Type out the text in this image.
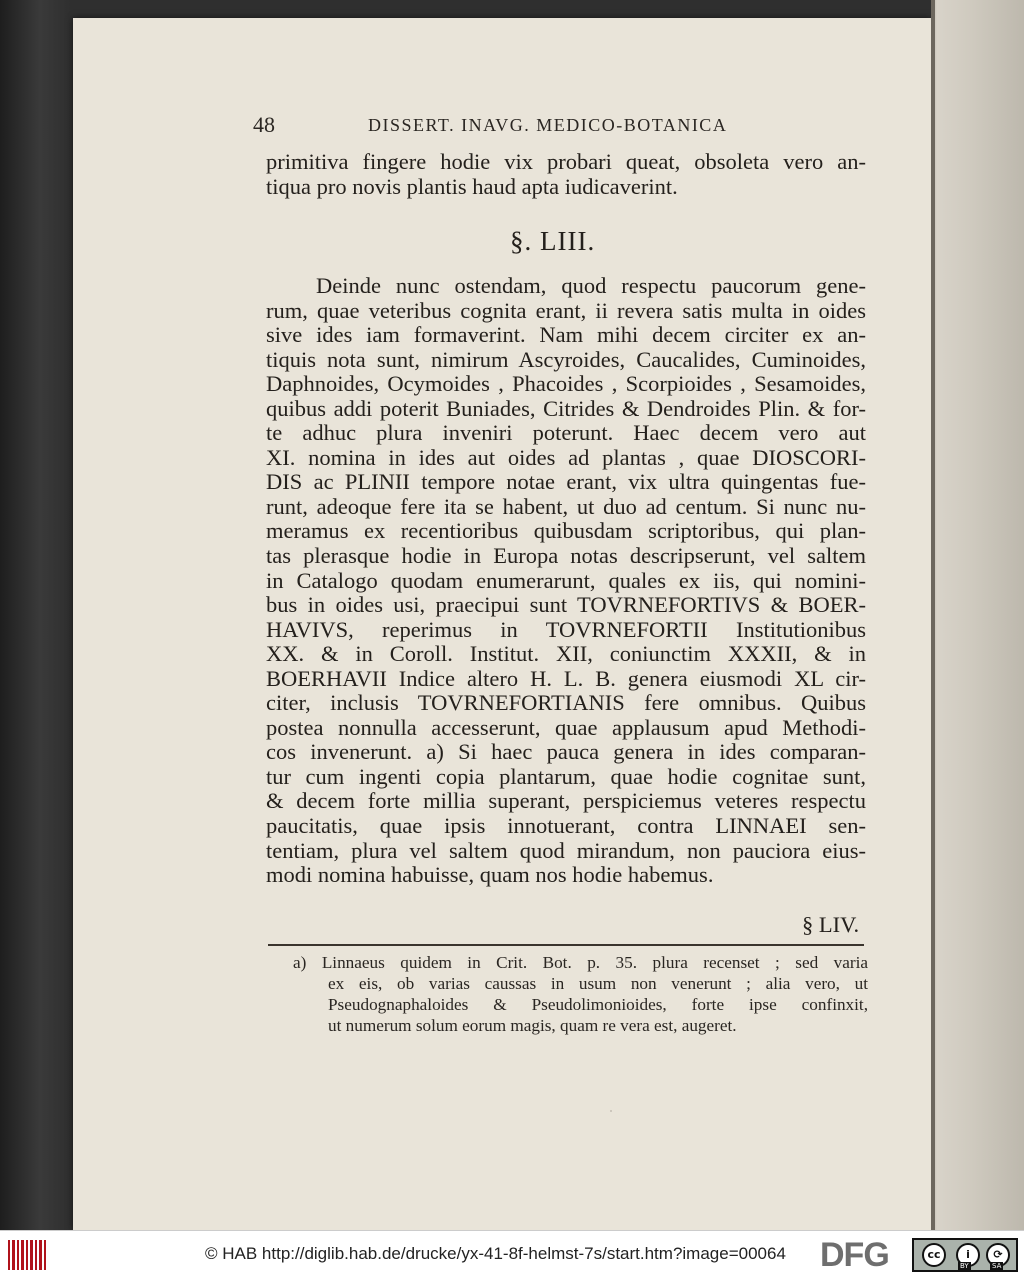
48	DISSERT. INAVG. MEDICO-BOTANICA
primitiva fingere hodie vix probari queat, obsoleta vero an-
tiqua pro novis plantis haud apta iudicaverint.
§. LIII.
Deinde nunc ostendam, quod respectu paucorum gene-
rum, quae veteribus cognita erant, ii revera satis multa in oides
sive ides iam formaverint. Nam mihi decem circiter ex an-
tiquis nota sunt, nimirum Ascyroides, Caucalides, Cuminoides,
Daphnoides, Ocymoides , Phacoides , Scorpioides , Sesamoides,
quibus addi poterit Buniades, Citrides & Dendroides Plin. & for-
te adhuc plura inveniri poterunt. Haec decem vero aut
XI. nomina in ides aut oides ad plantas , quae DIOSCORI-
DIS ac PLINII tempore notae erant, vix ultra quingentas fue-
runt, adeoque fere ita se habent, ut duo ad centum. Si nunc nu-
meramus ex recentioribus quibusdam scriptoribus, qui plan-
tas plerasque hodie in Europa notas descripserunt, vel saltem
in Catalogo quodam enumerarunt, quales ex iis, qui nomini-
bus in oides usi, praecipui sunt TOVRNEFORTIVS & BOER-
HAVIVS, reperimus in TOVRNEFORTII Institutionibus
XX. & in Coroll. Institut. XII, coniunctim XXXII, & in
BOERHAVII Indice altero H. L. B. genera eiusmodi XL cir-
citer, inclusis TOVRNEFORTIANIS fere omnibus. Quibus
postea nonnulla accesserunt, quae applausum apud Methodi-
cos invenerunt. a) Si haec pauca genera in ides comparan-
tur cum ingenti copia plantarum, quae hodie cognitae sunt,
& decem forte millia superant, perspiciemus veteres respectu
paucitatis, quae ipsis innotuerant, contra LINNAEI sen-
tentiam, plura vel saltem quod mirandum, non pauciora eius-
modi nomina habuisse, quam nos hodie habemus.
§ LIV.
a) Linnaeus quidem in Crit. Bot. p. 35. plura recenset ; sed varia
ex eis, ob varias caussas in usum non venerunt ; alia vero, ut
Pseudognaphaloides & Pseudolimonioides, forte ipse confinxit,
ut numerum solum eorum magis, quam re vera est, augeret.
© HAB http://diglib.hab.de/drucke/yx-41-8f-helmst-7s/start.htm?image=00064 DFG	cc	i	⟳
BY	SA
